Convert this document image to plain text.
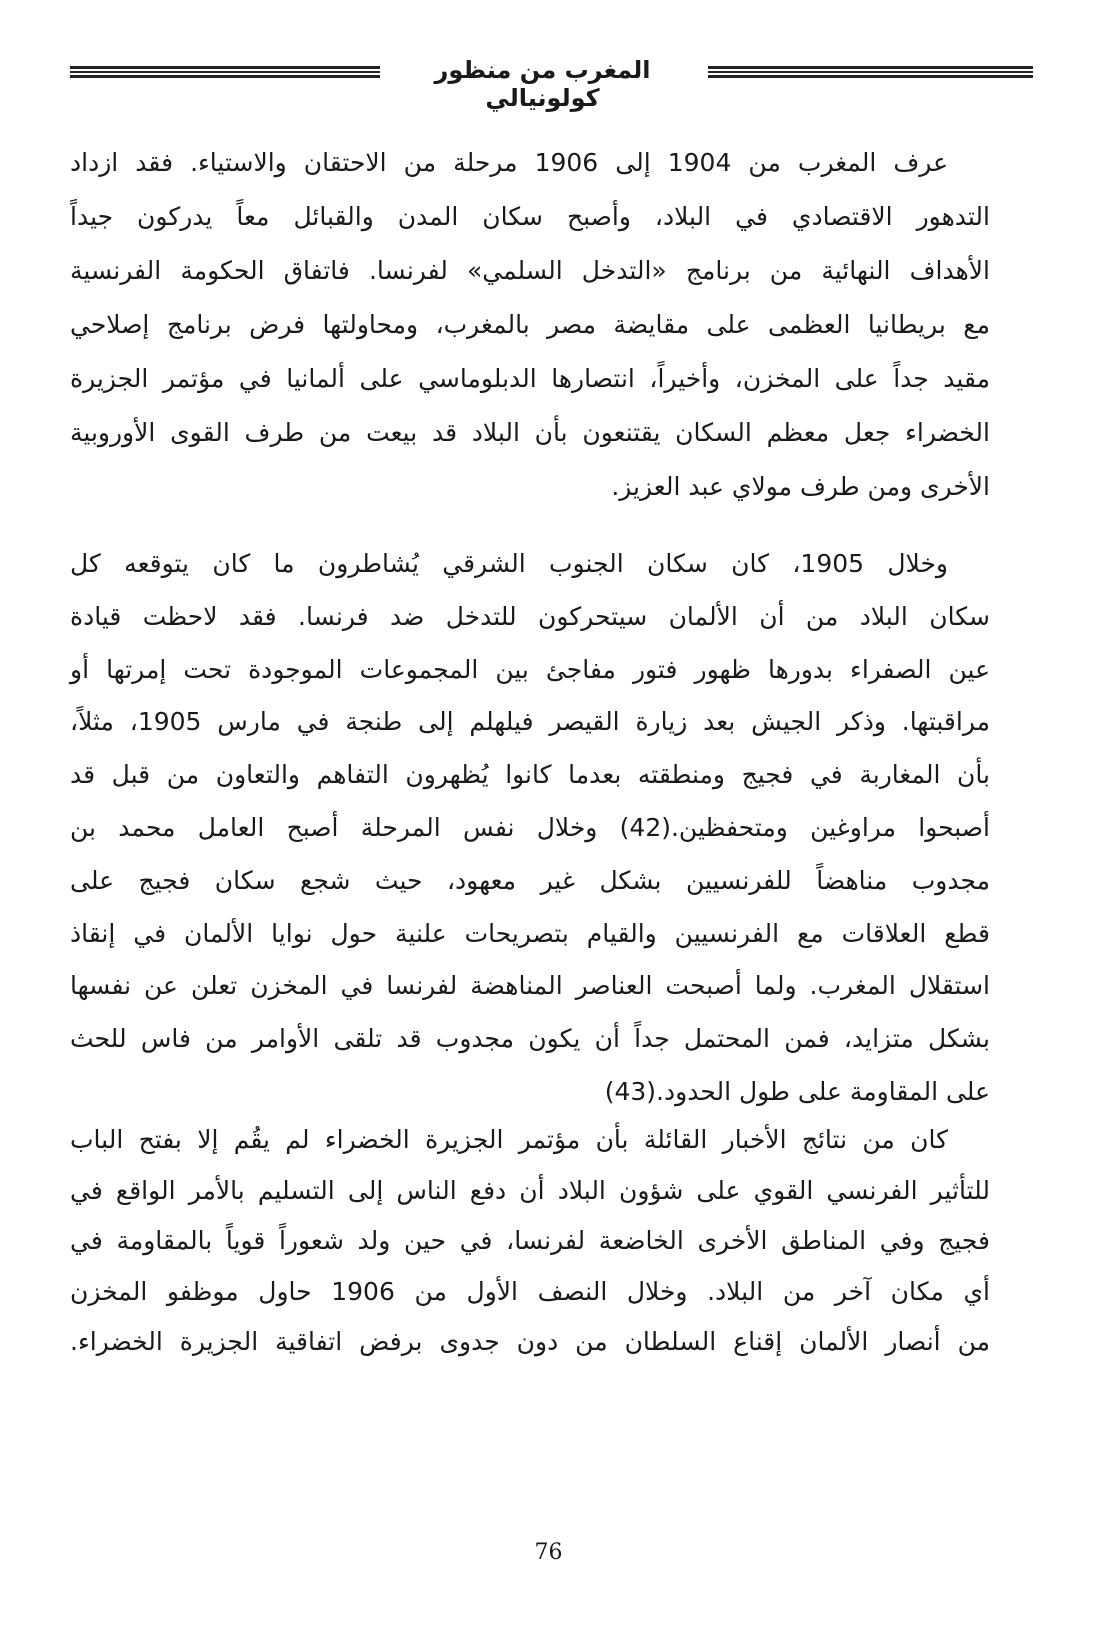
المغرب من منظور كولونيالي
عرف المغرب من 1904 إلى 1906 مرحلة من الاحتقان والاستياء. فقد ازداد
التدهور الاقتصادي في البلاد، وأصبح سكان المدن والقبائل معاً يدركون جيداً
الأهداف النهائية من برنامج «التدخل السلمي» لفرنسا. فاتفاق الحكومة الفرنسية
مع بريطانيا العظمى على مقايضة مصر بالمغرب، ومحاولتها فرض برنامج إصلاحي
مقيد جداً على المخزن، وأخيراً، انتصارها الدبلوماسي على ألمانيا في مؤتمر الجزيرة
الخضراء جعل معظم السكان يقتنعون بأن البلاد قد بيعت من طرف القوى الأوروبية
الأخرى ومن طرف مولاي عبد العزيز.
وخلال 1905، كان سكان الجنوب الشرقي يُشاطرون ما كان يتوقعه كل
سكان البلاد من أن الألمان سيتحركون للتدخل ضد فرنسا. فقد لاحظت قيادة
عين الصفراء بدورها ظهور فتور مفاجئ بين المجموعات الموجودة تحت إمرتها أو
مراقبتها. وذكر الجيش بعد زيارة القيصر فيلهلم إلى طنجة في مارس 1905، مثلاً،
بأن المغاربة في فجيج ومنطقته بعدما كانوا يُظهرون التفاهم والتعاون من قبل قد
أصبحوا مراوغين ومتحفظين.(42) وخلال نفس المرحلة أصبح العامل محمد بن
مجدوب مناهضاً للفرنسيين بشكل غير معهود، حيث شجع سكان فجيج على
قطع العلاقات مع الفرنسيين والقيام بتصريحات علنية حول نوايا الألمان في إنقاذ
استقلال المغرب. ولما أصبحت العناصر المناهضة لفرنسا في المخزن تعلن عن نفسها
بشكل متزايد، فمن المحتمل جداً أن يكون مجدوب قد تلقى الأوامر من فاس للحث
على المقاومة على طول الحدود.(43)
كان من نتائج الأخبار القائلة بأن مؤتمر الجزيرة الخضراء لم يقُم إلا بفتح الباب
للتأثير الفرنسي القوي على شؤون البلاد أن دفع الناس إلى التسليم بالأمر الواقع في
فجيج وفي المناطق الأخرى الخاضعة لفرنسا، في حين ولد شعوراً قوياً بالمقاومة في
أي مكان آخر من البلاد. وخلال النصف الأول من 1906 حاول موظفو المخزن
من أنصار الألمان إقناع السلطان من دون جدوى برفض اتفاقية الجزيرة الخضراء.
76
